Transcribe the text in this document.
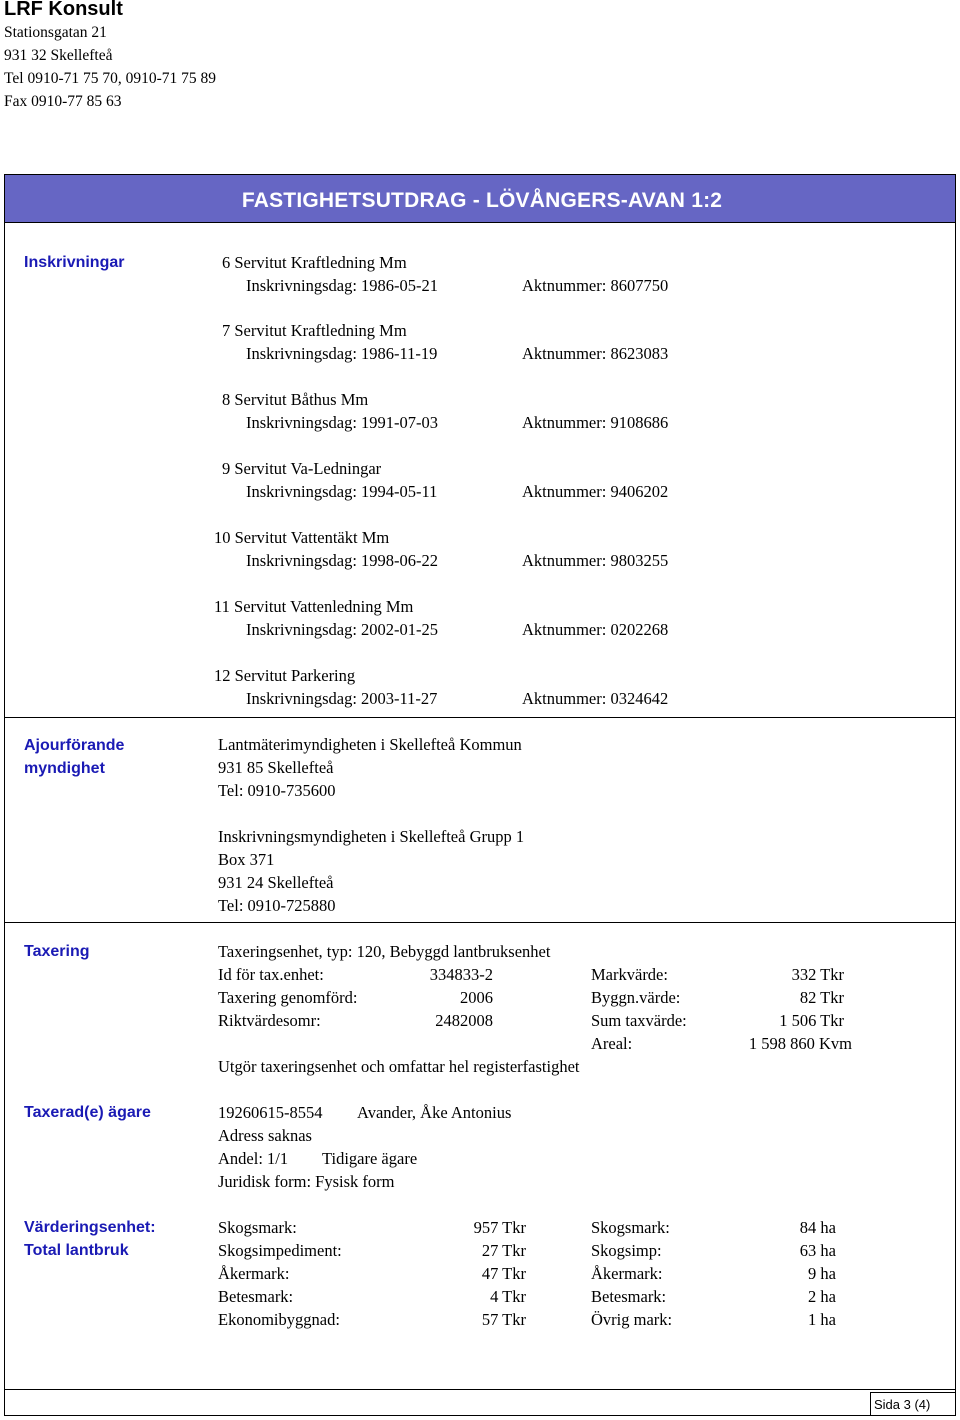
LRF Konsult
Stationsgatan 21
931 32 Skellefteå
Tel 0910-71 75 70, 0910-71 75 89
Fax 0910-77 85 63
FASTIGHETSUTDRAG - LÖVÅNGERS-AVAN 1:2
Inskrivningar	6 Servitut Kraftledning Mm
Inskrivningsdag: 1986-05-21	Aktnummer: 8607750
7 Servitut Kraftledning Mm
Inskrivningsdag: 1986-11-19	Aktnummer: 8623083
8 Servitut Båthus Mm
Inskrivningsdag: 1991-07-03	Aktnummer: 9108686
9 Servitut Va-Ledningar
Inskrivningsdag: 1994-05-11	Aktnummer: 9406202
10 Servitut Vattentäkt Mm
Inskrivningsdag: 1998-06-22	Aktnummer: 9803255
11 Servitut Vattenledning Mm
Inskrivningsdag: 2002-01-25	Aktnummer: 0202268
12 Servitut Parkering
Inskrivningsdag: 2003-11-27	Aktnummer: 0324642
Ajourförande
myndighet
Lantmäterimyndigheten i Skellefteå Kommun
931 85 Skellefteå
Tel: 0910-735600
Inskrivningsmyndigheten i Skellefteå Grupp 1
Box 371
931 24 Skellefteå
Tel: 0910-725880
Taxering	Taxeringsenhet, typ: 120, Bebyggd lantbruksenhet
Id för tax.enhet:	334833-2	Markvärde:	332 Tkr
Taxering genomförd:	2006	Byggn.värde:	82 Tkr
Riktvärdesomr:	2482008	Sum taxvärde:	1 506 Tkr
Areal:	1 598 860 Kvm
Utgör taxeringsenhet och omfattar hel registerfastighet
Taxerad(e) ägare	19260615-8554 Avander, Åke Antonius
Adress saknas
Andel: 1/1 Tidigare ägare
Juridisk form: Fysisk form
Värderingsenhet:
Total lantbruk
Skogsmark:	957 Tkr	Skogsmark:	84 ha
Skogsimpediment:	27 Tkr	Skogsimp:	63 ha
Åkermark:	47 Tkr	Åkermark:	9 ha
Betesmark:	4 Tkr	Betesmark:	2 ha
Ekonomibyggnad:	57 Tkr	Övrig mark:	1 ha
Sida 3 (4)
